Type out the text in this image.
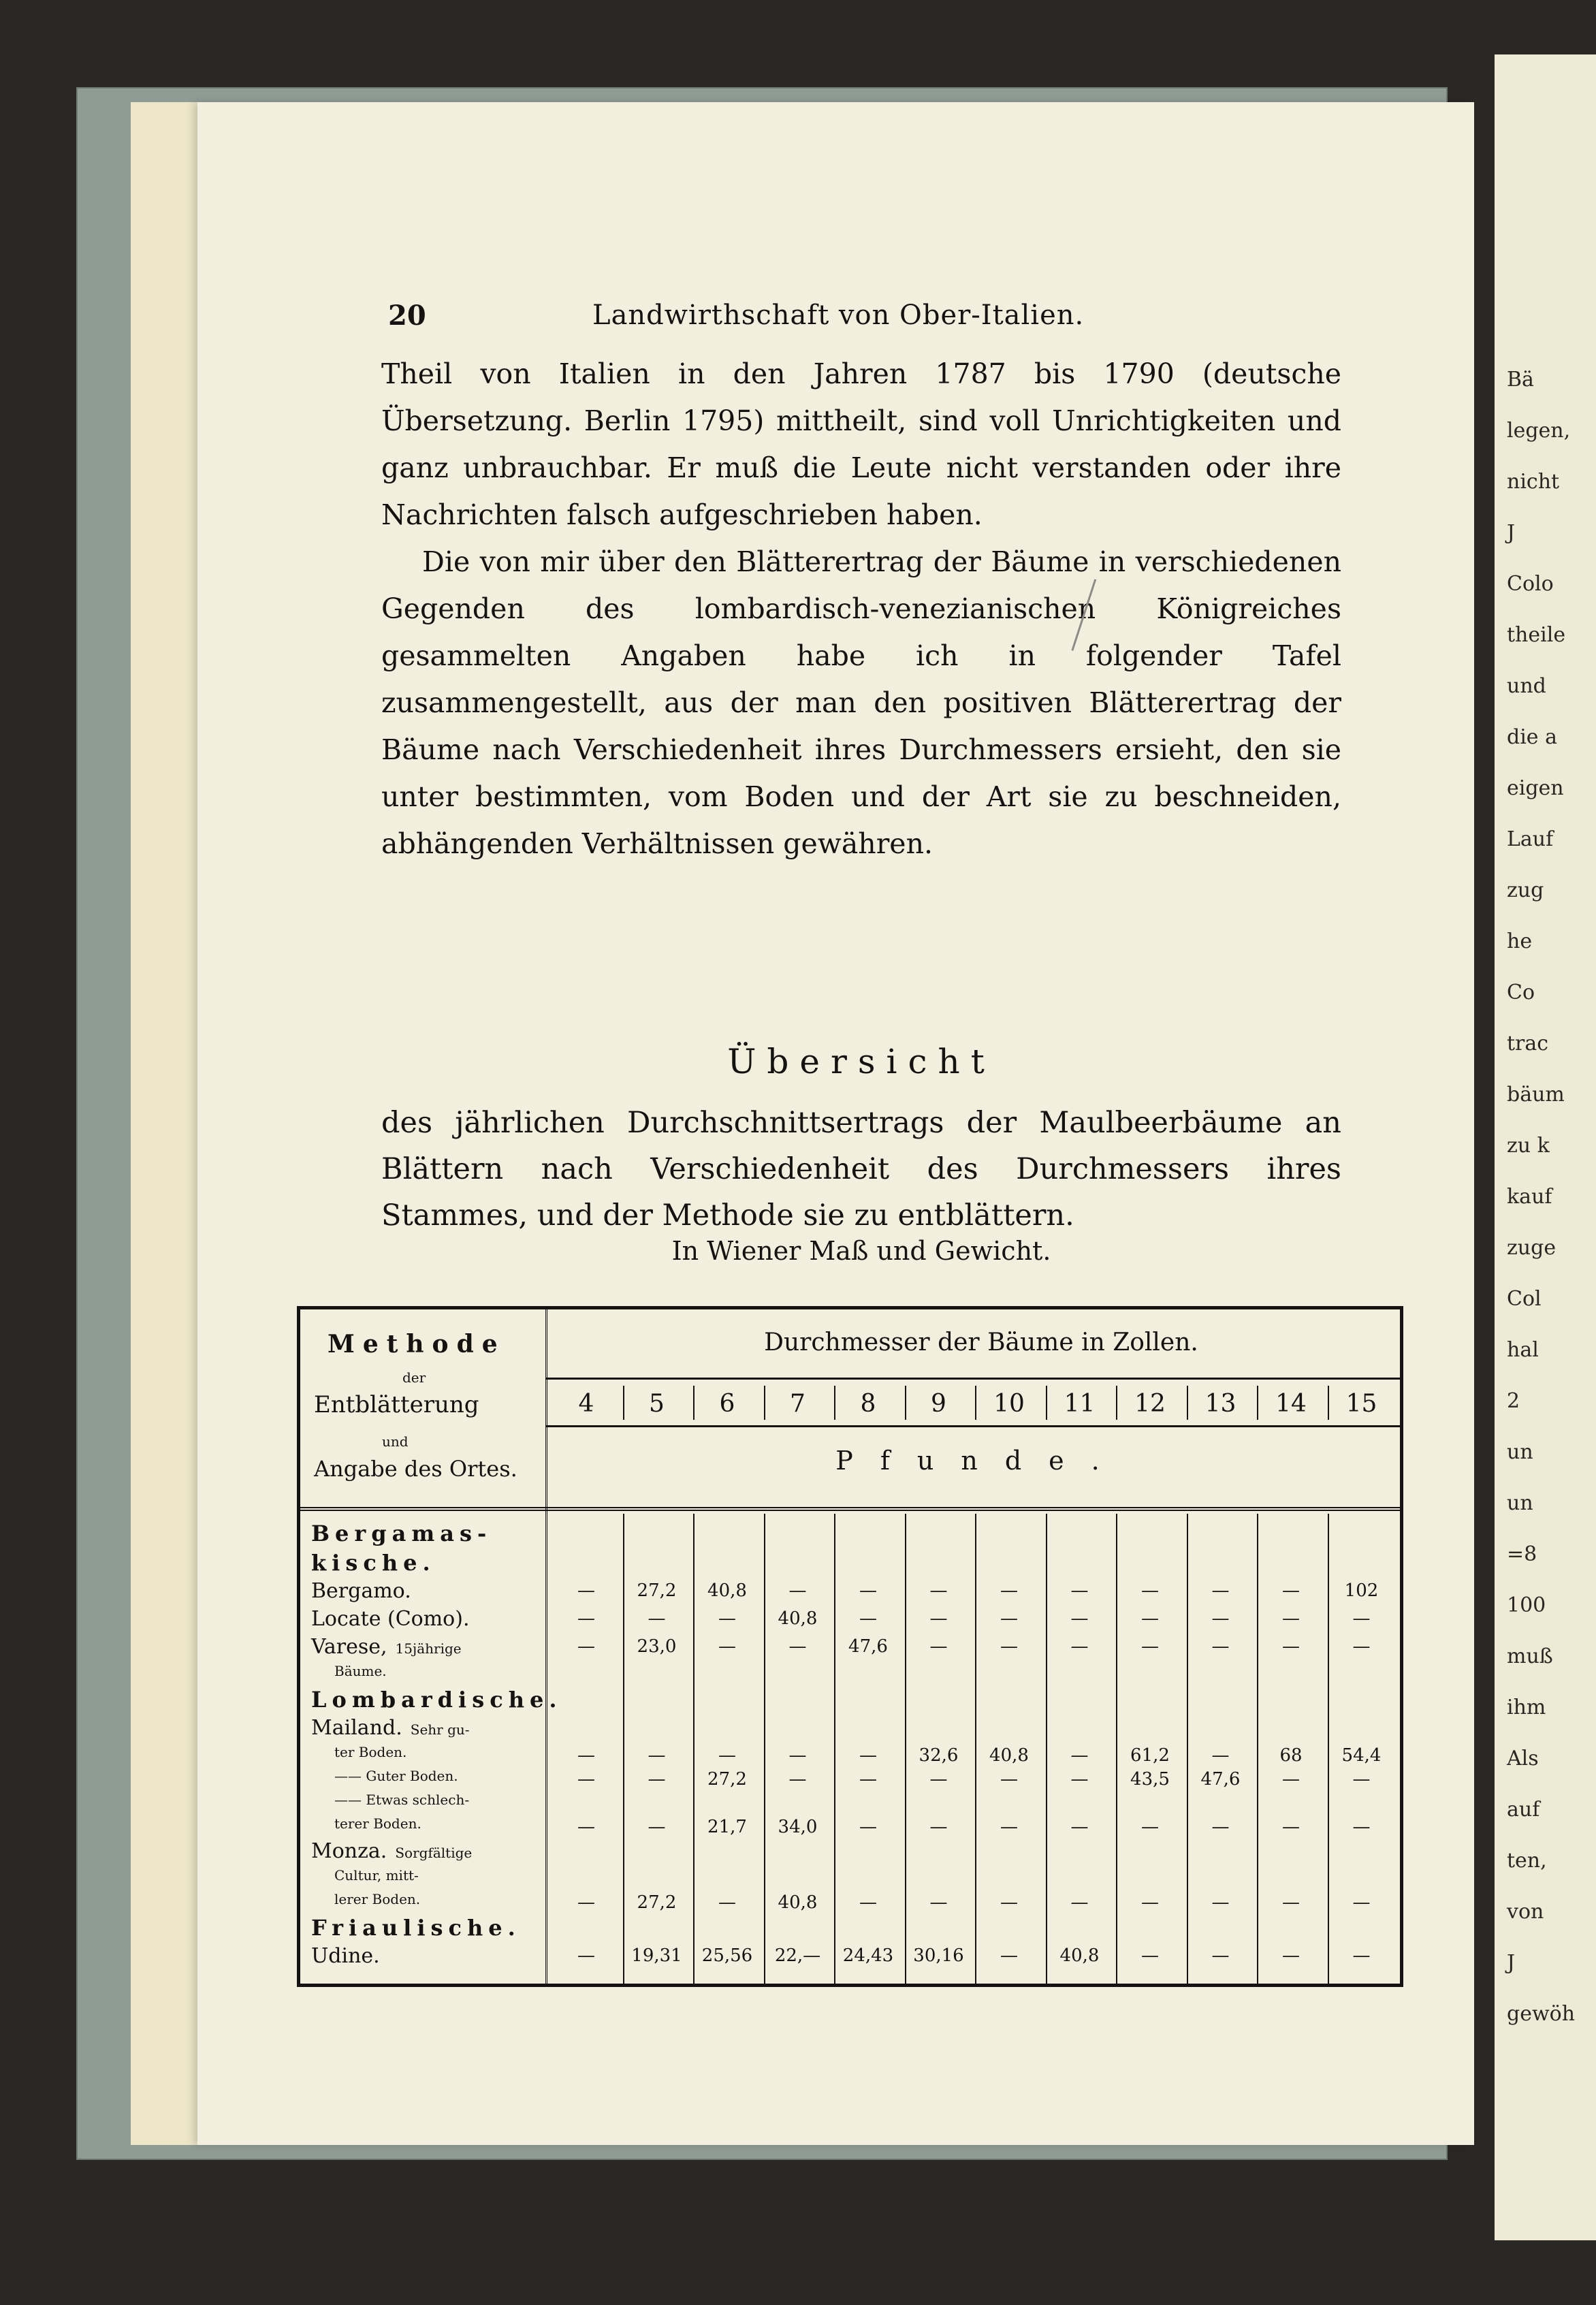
20	Landwirthschaft von Ober-Italien.

Theil von Italien in den Jahren 1787 bis 1790 (deutsche Übersetzung. Berlin 1795) mittheilt, sind voll Unrichtigkeiten und ganz unbrauchbar. Er muß die Leute nicht verstanden oder ihre Nachrichten falsch aufgeschrieben haben.

Die von mir über den Blätterertrag der Bäume in verschiedenen Gegenden des lombardisch-venezianischen Königreiches gesammelten Angaben habe ich in folgender Tafel zusammengestellt, aus der man den positiven Blätterertrag der Bäume nach Verschiedenheit ihres Durchmessers ersieht, den sie unter bestimmten, vom Boden und der Art sie zu beschneiden, abhängenden Verhältnissen gewähren.

Übersicht
des jährlichen Durchschnittsertrags der Maulbeerbäume an Blättern nach Verschiedenheit des Durchmessers ihres Stammes, und der Methode sie zu entblättern.
In Wiener Maß und Gewicht.
Methode
der
Entblätterung
und
Angabe des Ortes.
Durchmesser der Bäume in Zollen.
Pfunde.
4	5	6	7	8	9	10	11	12	13	14	15
Bergamas-
kische.
Bergamo.	—	27,2	40,8	—	—	—	—	—	—	—	—	102
Locate (Como).	—	—	—	40,8	—	—	—	—	—	—	—	—
Varese, 15jährige	—	23,0	—	—	47,6	—	—	—	—	—	—	—
Bäume.
Lombardische.
Mailand. Sehr gu-
ter Boden.	—	—	—	—	—	32,6	40,8	—	61,2	—	68	54,4
—— Guter Boden.	—	—	27,2	—	—	—	—	—	43,5	47,6	—	—
—— Etwas schlech-
terer Boden.	—	—	21,7	34,0	—	—	—	—	—	—	—	—
Monza. Sorgfältige
Cultur, mitt-
lerer Boden.	—	27,2	—	40,8	—	—	—	—	—	—	—	—
Friaulische.
Udine.	—	19,31	25,56	22,—	24,43	30,16	—	40,8	—	—	—	—
Bä
legen,
nicht
J
Colo
theile
und
die a
eigen
Lauf
zug
he
Co
trac
bäum
zu k
kauf
zuge
Col
hal
2
un
un
=8
100
muß
ihm
Als
auf
ten,
von
J
gewöh
